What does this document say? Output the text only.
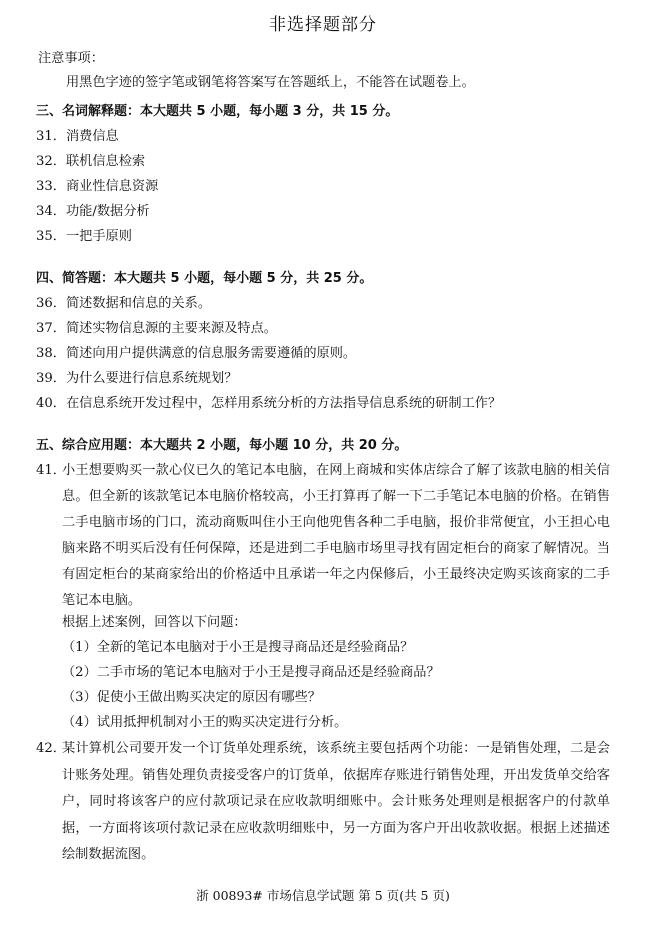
非选择题部分
注意事项：
用黑色字迹的签字笔或钢笔将答案写在答题纸上，不能答在试题卷上。
三、名词解释题：本大题共 5 小题，每小题 3 分，共 15 分。
31．消费信息
32．联机信息检索
33．商业性信息资源
34．功能/数据分析
35．一把手原则
四、简答题：本大题共 5 小题，每小题 5 分，共 25 分。
36．简述数据和信息的关系。
37．简述实物信息源的主要来源及特点。
38．简述向用户提供满意的信息服务需要遵循的原则。
39．为什么要进行信息系统规划？
40．在信息系统开发过程中，怎样用系统分析的方法指导信息系统的研制工作？
五、综合应用题：本大题共 2 小题，每小题 10 分，共 20 分。
41．
小王想要购买一款心仪已久的笔记本电脑，在网上商城和实体店综合了解了该款电脑的相关信息。但全新的该款笔记本电脑价格较高，小王打算再了解一下二手笔记本电脑的价格。在销售二手电脑市场的门口，流动商贩叫住小王向他兜售各种二手电脑，报价非常便宜，小王担心电脑来路不明买后没有任何保障，还是进到二手电脑市场里寻找有固定柜台的商家了解情况。当有固定柜台的某商家给出的价格适中且承诺一年之内保修后，小王最终决定购买该商家的二手笔记本电脑。
根据上述案例，回答以下问题：
（1）全新的笔记本电脑对于小王是搜寻商品还是经验商品？
（2）二手市场的笔记本电脑对于小王是搜寻商品还是经验商品？
（3）促使小王做出购买决定的原因有哪些？
（4）试用抵押机制对小王的购买决定进行分析。
42．
某计算机公司要开发一个订货单处理系统，该系统主要包括两个功能：一是销售处理，二是会计账务处理。销售处理负责接受客户的订货单，依据库存账进行销售处理，开出发货单交给客户，同时将该客户的应付款项记录在应收款明细账中。会计账务处理则是根据客户的付款单据，一方面将该项付款记录在应收款明细账中，另一方面为客户开出收款收据。根据上述描述绘制数据流图。
浙 00893# 市场信息学试题 第 5 页(共 5 页)
